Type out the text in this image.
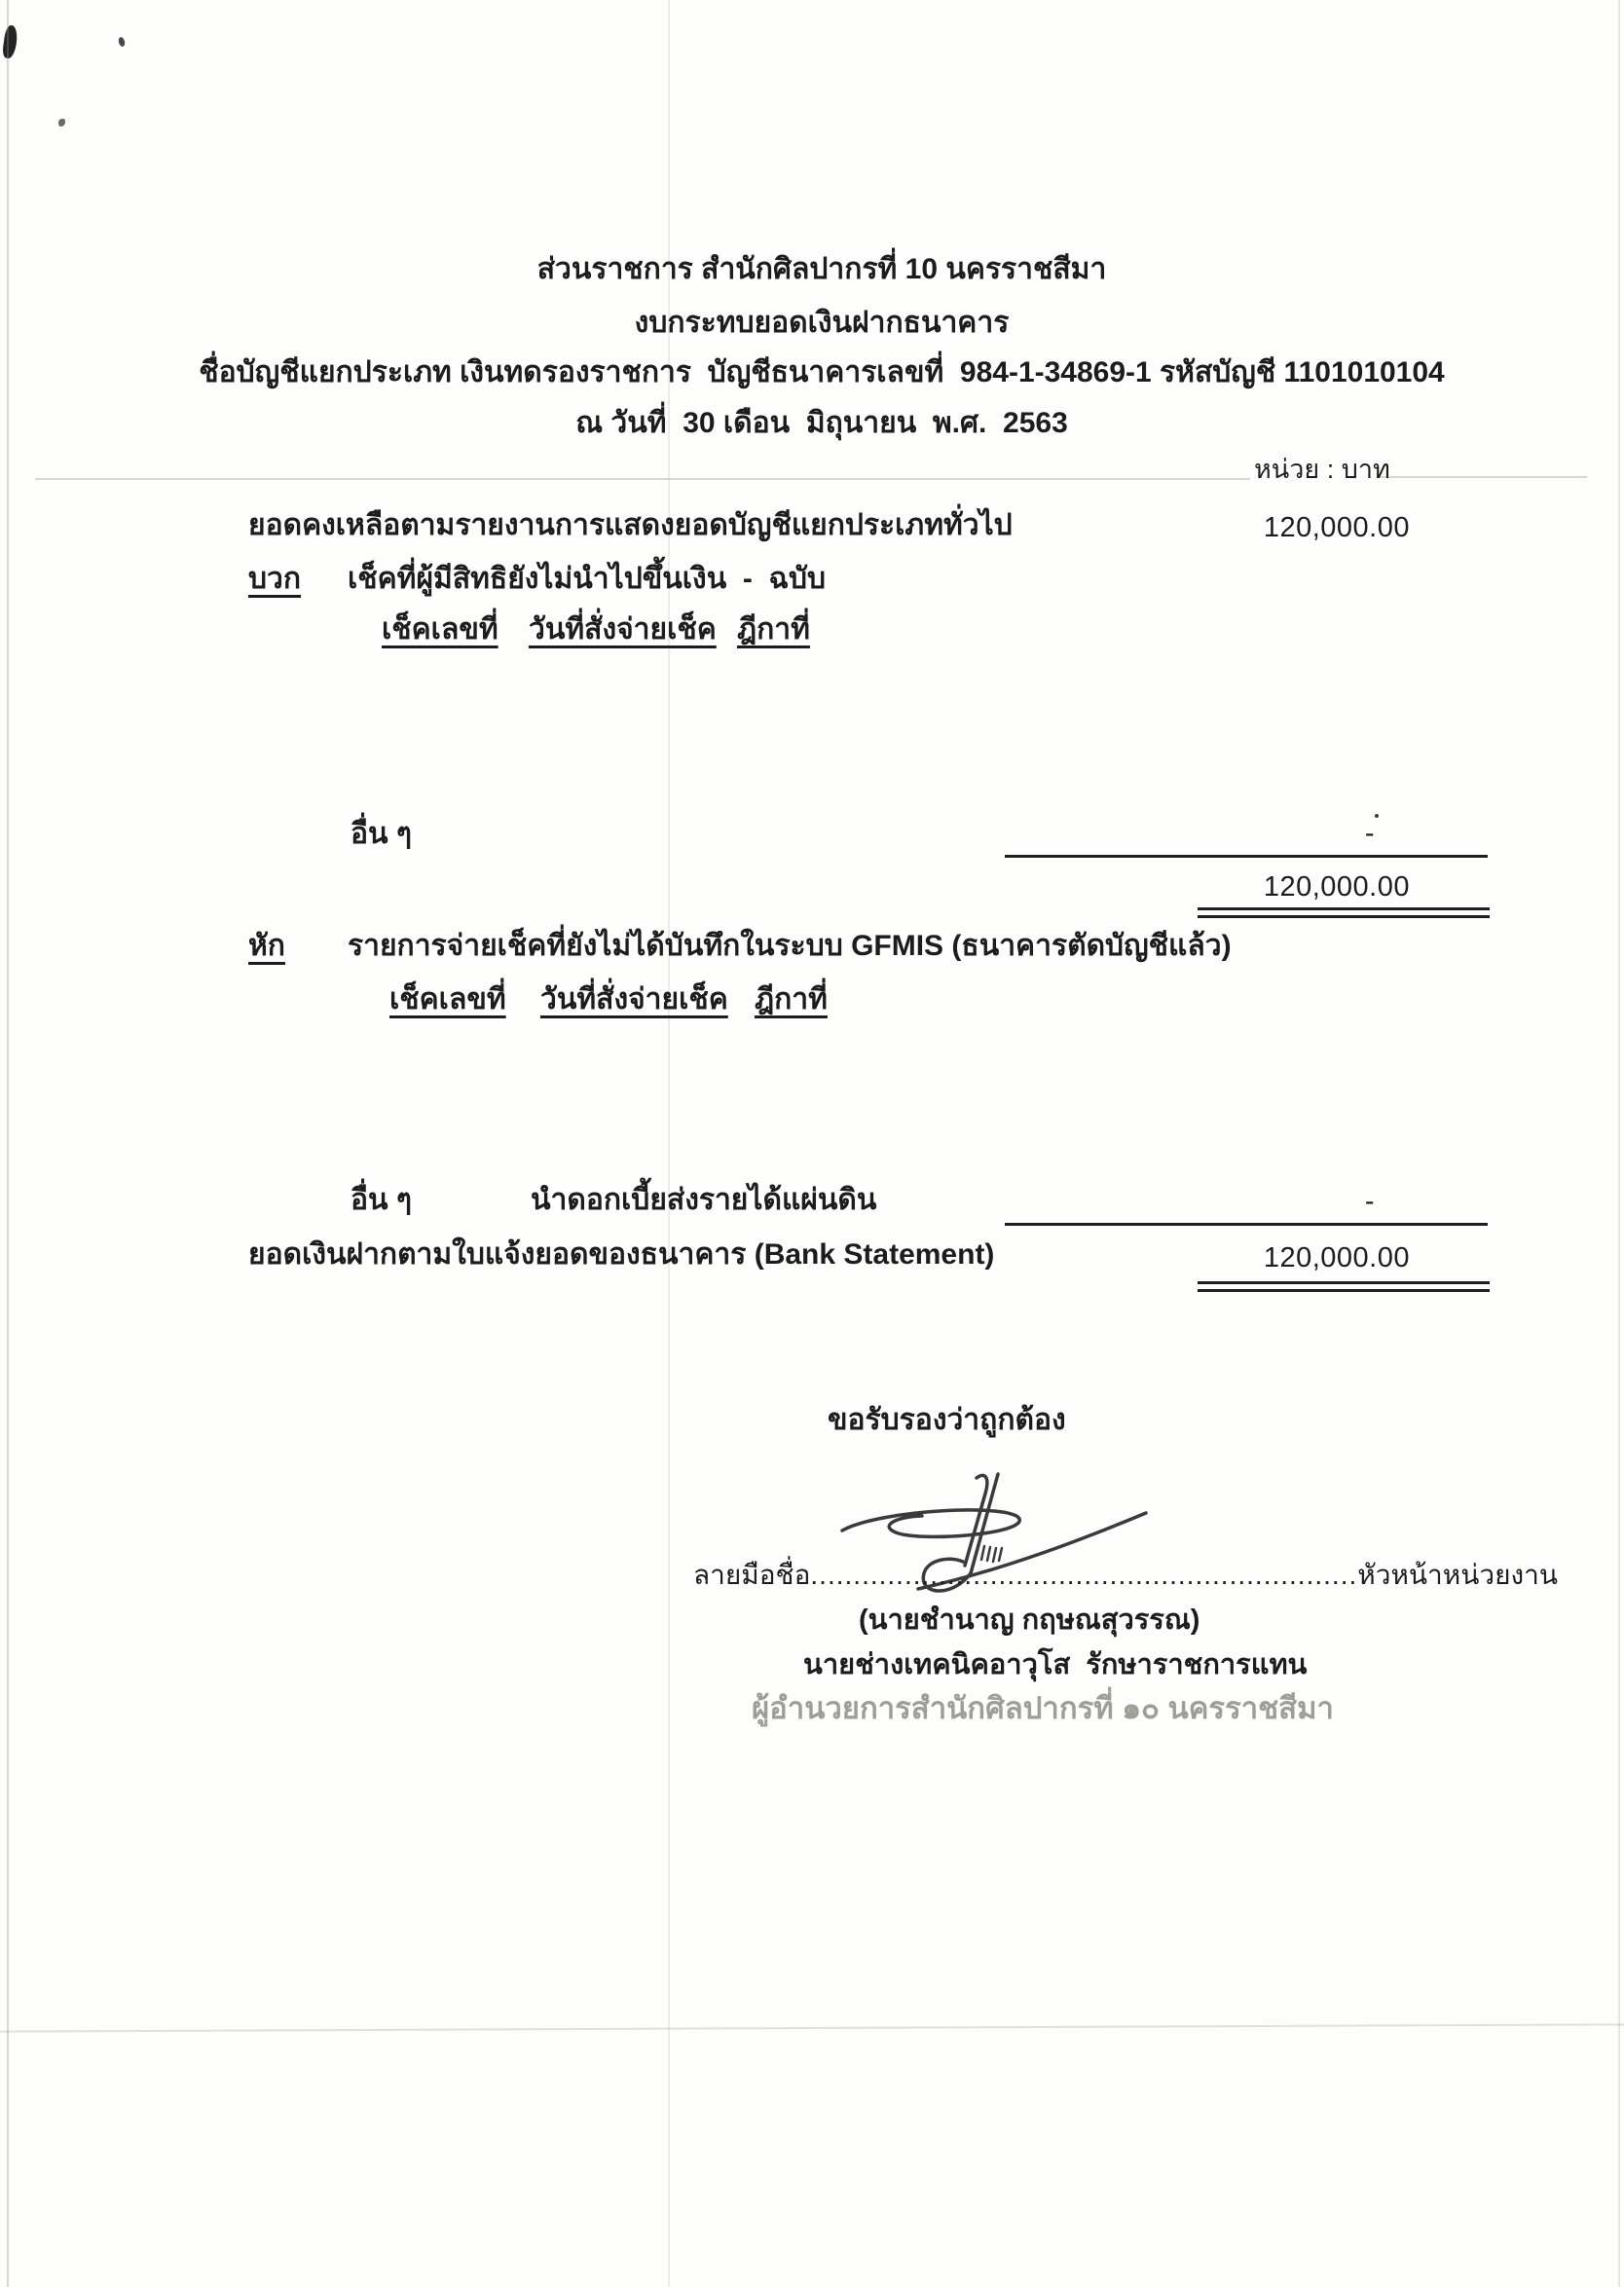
ส่วนราชการ สำนักศิลปากรที่ 10 นครราชสีมา
งบกระทบยอดเงินฝากธนาคาร
ชื่อบัญชีแยกประเภท เงินทดรองราชการ  บัญชีธนาคารเลขที่  984-1-34869-1 รหัสบัญชี 1101010104
ณ วันที่  30 เดือน  มิถุนายน  พ.ศ.  2563
หน่วย : บาท
ยอดคงเหลือตามรายงานการแสดงยอดบัญชีแยกประเภททั่วไป	120,000.00
บวก เช็คที่ผู้มีสิทธิยังไม่นำไปขึ้นเงิน  -  ฉบับ
เช็คเลขที่ วันที่สั่งจ่ายเช็ค ฎีกาที่
อื่น ๆ	-
120,000.00
หัก รายการจ่ายเช็คที่ยังไม่ได้บันทึกในระบบ GFMIS (ธนาคารตัดบัญชีแล้ว)
เช็คเลขที่ วันที่สั่งจ่ายเช็ค ฎีกาที่
อื่น ๆ	นำดอกเบี้ยส่งรายได้แผ่นดิน	-
ยอดเงินฝากตามใบแจ้งยอดของธนาคาร (Bank Statement)	120,000.00
ขอรับรองว่าถูกต้อง
ลายมือชื่อ ................................................................ หัวหน้าหน่วยงาน
(นายชำนาญ กฤษณสุวรรณ)
นายช่างเทคนิคอาวุโส  รักษาราชการแทน
ผู้อำนวยการสำนักศิลปากรที่ ๑๐ นครราชสีมา
